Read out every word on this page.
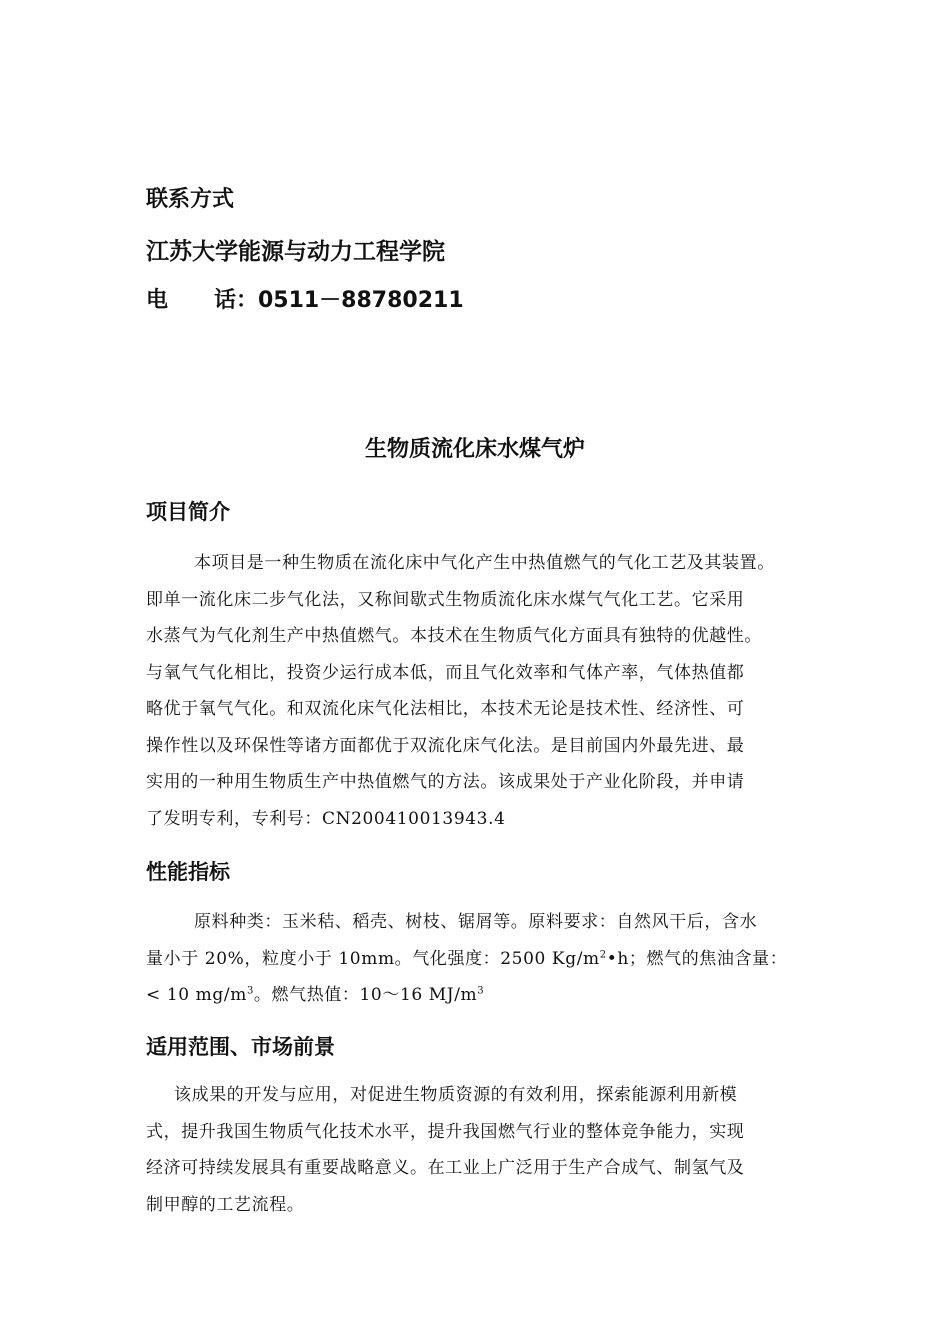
联系方式
江苏大学能源与动力工程学院
电      话：0511－88780211
生物质流化床水煤气炉
项目简介
本项目是一种生物质在流化床中气化产生中热值燃气的气化工艺及其装置。
即单一流化床二步气化法，又称间歇式生物质流化床水煤气气化工艺。它采用
水蒸气为气化剂生产中热值燃气。本技术在生物质气化方面具有独特的优越性。
与氧气气化相比，投资少运行成本低，而且气化效率和气体产率，气体热值都
略优于氧气气化。和双流化床气化法相比，本技术无论是技术性、经济性、可
操作性以及环保性等诸方面都优于双流化床气化法。是目前国内外最先进、最
实用的一种用生物质生产中热值燃气的方法。该成果处于产业化阶段，并申请
了发明专利，专利号：CN200410013943.4
性能指标
原料种类：玉米秸、稻壳、树枝、锯屑等。原料要求：自然风干后，含水
量小于 20%，粒度小于 10mm。气化强度：2500 $Kg/m^2•h$；燃气的焦油含量：
< 10 $mg/m^3$。燃气热值：10～16 $MJ/m^3$
适用范围、市场前景
该成果的开发与应用，对促进生物质资源的有效利用，探索能源利用新模
式，提升我国生物质气化技术水平，提升我国燃气行业的整体竞争能力，实现
经济可持续发展具有重要战略意义。在工业上广泛用于生产合成气、制氢气及
制甲醇的工艺流程。
